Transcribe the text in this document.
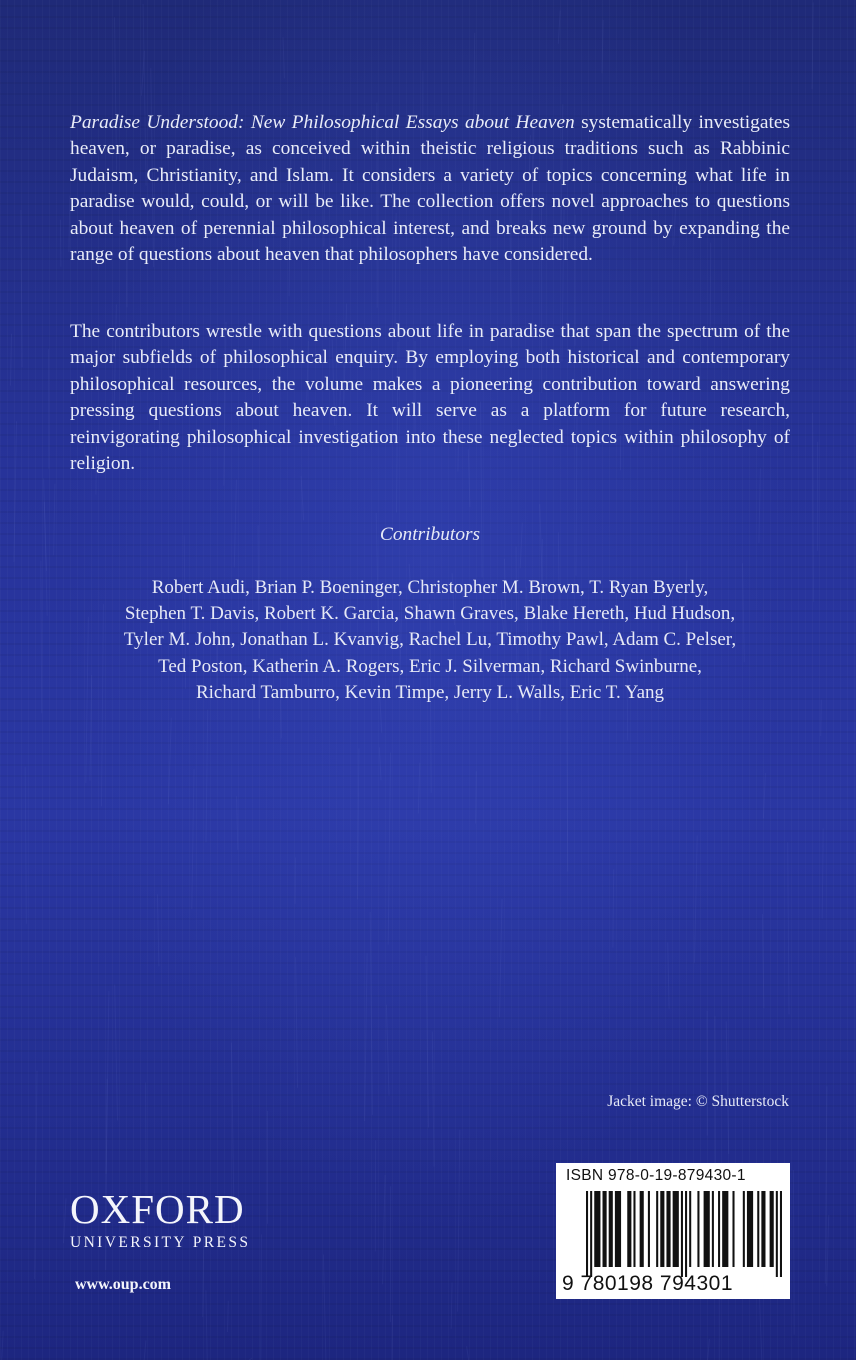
Paradise Understood: New Philosophical Essays about Heaven systematically investigates heaven, or paradise, as conceived within theistic religious traditions such as Rabbinic Judaism, Christianity, and Islam. It considers a variety of topics concerning what life in paradise would, could, or will be like. The collection offers novel approaches to questions about heaven of perennial philosophical interest, and breaks new ground by expanding the range of questions about heaven that philosophers have considered.

The contributors wrestle with questions about life in paradise that span the spectrum of the major subfields of philosophical enquiry. By employing both historical and contemporary philosophical resources, the volume makes a pioneering contribution toward answering pressing questions about heaven. It will serve as a platform for future research, reinvigorating philosophical investigation into these neglected topics within philosophy of religion.

Contributors

Robert Audi, Brian P. Boeninger, Christopher M. Brown, T. Ryan Byerly,
Stephen T. Davis, Robert K. Garcia, Shawn Graves, Blake Hereth, Hud Hudson,
Tyler M. John, Jonathan L. Kvanvig, Rachel Lu, Timothy Pawl, Adam C. Pelser,
Ted Poston, Katherin A. Rogers, Eric J. Silverman, Richard Swinburne,
Richard Tamburro, Kevin Timpe, Jerry L. Walls, Eric T. Yang

Jacket image: © Shutterstock

OXFORD
UNIVERSITY PRESS
www.oup.com
ISBN 978-0-19-879430-1
9 780198 794301
